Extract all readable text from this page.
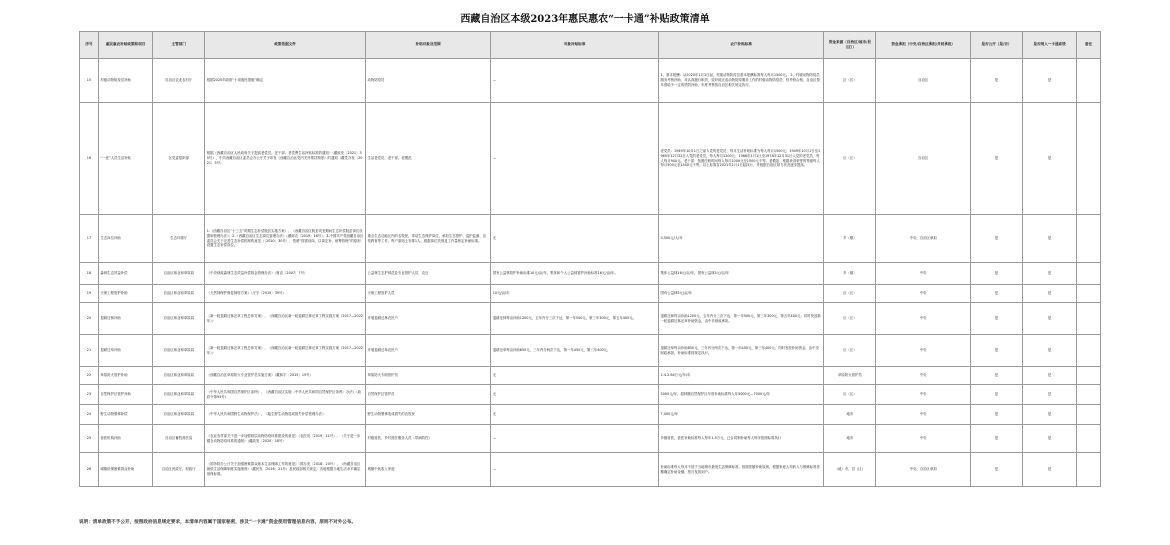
西藏自治区本级2023年惠民惠农“一卡通”补贴政策清单
序号	惠民惠农补贴政策和项目	主管部门	政策依据文件	补贴对象及范围	对象补贴标准	农户补贴标准	资金来源（自治区/地市/县（区））	资金承担（中央/自治区承担/共同承担）	是否公开（是/否）	是否纳入一卡通系统	备注
15	村级动物防疫员补助	自治区农业农村厅	根据2020年政府“十项惠民措施”确定	动物防疫员	—	1、基本报酬：从2020年1月1日起，村级动物防疫员基本报酬标准每人每月1500元。 2、村级动物防疫员服务考核补助，对认真履行职责，较好地完成动物防疫服务工作的村级动物防疫员，经考核合格，自治区按年度给予一定的绩效补助，年度考核按自治区相关规定执行。	区（区）	自治区	是	是	
16	“一老”人员生活补贴	区党委组织部	根据《西藏自治区人民政府关于提高老党员、老干部、老党费生活补贴标准的通知》（藏政发〔2021〕30号），中共西藏自治区委员会办公厅关于印发《西藏自治区党内关怀帮扶制度》的通知（藏党办发〔2021〕5号）	生活老党员、老干部、老模范	—	老党员：1949年10月1日之前入党的老党员，每月生活补贴标准为每人每月1500元；1949年10月1日至1965年12月31日入党的老党员，每人每月1200元；1966年1月1日至1978年12月31日入党的老党员，每人每月900元。老干部：按照任职时间每人每月1000元至1500元不等。老模范：根据获得荣誉的等级每人每月500元至1500元不等。以上标准自2021年1月1日起执行，并根据自治区财力状况逐步提高。	区（区）	自治区	是	是	
17	生态岗位补助	生态环境厅	1.《西藏自治区“十三五”时期生态补偿脱贫实施方案》、《西藏自治区脱贫攻坚期间生态补偿脱贫岗位设置和管理办法》；2.《西藏自治区生态岗位管理办法》（藏财农〔2019〕16号）；3.中国共产党西藏自治区委员会关于完善生态补偿机制的意见（〔2020〕30号），按照“按需设岗、以岗定补、统筹管理”的原则设置生态补偿岗位。	重点生态功能区内的农牧民，带动生态保护岗位，承担生态管护、巡护监测、宣传教育等工作，每户原则上安排1人，根据岗位类别及工作量核定补助标准。	无	3,500元/人/年	乡（镇）	中央、自治区承担	是	是	
18	森林生态效益补偿	自治区林业和草原局	《中央财政森林生态效益补偿基金管理办法》（财农〔2007〕7号）	公益林生态护林员及专业管护人员、农区	国有公益林管护补助标准10元/亩/年，集体和个人公益林管护补助标准16元/亩/年。	集体公益林16元/亩/年，国有公益林5元/亩/年	乡（镇）	中央	是	是	
19	天保工程管护补助	自治区林业和草原局	《天然林保护修复制度方案》（厅字〔2019〕39号）	天保工程管护人员	10元/亩/年	国有公益林5元/亩/年	区（区）	中央	是	是	
20	退耕还林补助	自治区林业和草原局	《新一轮退耕还林还草工程总体方案》、《西藏自治区新一轮退耕还林还草工程实施方案（2017—2022年）》	开展退耕还林农民户	退耕还林每亩补助1200元，五年内分三次下达，第一年500元，第三年300元，第五年400元。	退耕还林每亩补助1200元，五年内分三次下达，第一年500元、第三年300元、第五年400元；同时发放新一轮退耕还林还草补助资金，由中央财政承担。	区（区）	中央	是	是	
21	退耕还草补助	自治区林业和草原局	《新一轮退耕还林还草工程总体方案》、《西藏自治区新一轮退耕还林还草工程实施方案（2017—2022年）》	开展退耕还草农民户	退耕还草每亩补助850元，三年内分两次下达，第一年450元，第三年400元。	退耕还草每亩补助850元，三年内分两次下达，第一年450元、第三年400元；同时发放补助资金，由中央财政承担，补助标准按规定执行。	区（区）	中央	是	是	
22	草原防火管护补助	自治区林业和草原局	《西藏自治区草原防火专业管护员实施方案》（藏林字〔2015〕15号）	草原防火专职管护员	无	2.4-2.64万元/年/年	草原防火管护员	中央	是	是	
23	自然保护区管护补助	自治区林业和草原局	《中华人民共和国自然保护区条例》、《西藏自治区实施〈中华人民共和国自然保护区条例〉办法》（政府令第95号）	自然保护区管护员	无	5000元/年，超林额自然保护区年度补助标准每人年5000元—7000元/年	区（区）	中央	是	是	
24	野生动物肇事补偿	自治区林业和草原局	《中华人民共和国野生动物保护法》、《陆生野生动物造成损失补偿管理办法》	野生动物肇事造成损失的农牧民	无	7,000元/年	地市	中央	是	是	
25	兽医机构补助	自治区畜牧兽医局	《农业农村部关于进一步加强基层动物防疫体系建设的意见》（农医发〔2019〕11号）、《关于进一步健全动物防疫体系的通知》（藏政发〔2020〕18号）	村级兽医、乡村兽医服务人员（带病防控）	—	乡镇兽医，兽医补助标准每人每年1.5万元，已合同制补助每人每年按照标准执行	地市	中央	是	是	
26	城镇低保困难群众补助	自治区民政厅、财政厅	《国务院办公厅关于加强困难群众基本生活保障工作的意见》（国办发〔2018〕20号）、《西藏自治区最低生活保障制度实施细则》（藏民发〔2016〕21号）及民政部相关规定，各地根据当地生活水平确定低保标准。	城镇中低收入家庭	—	补助标准每人每月不低于当地城市最低生活保障标准，按照差额补助原则，根据家庭人均收入与保障标准差额确定补助金额，按月发放到户。	（地）市，县（区）	中央、自治区承担	是	是	
说明：清单政策不予公开，按照政府信息规定要求，本清单内容属于国家秘密，涉及“一卡通”资金使用管理信息内容，原则不对外公布。
